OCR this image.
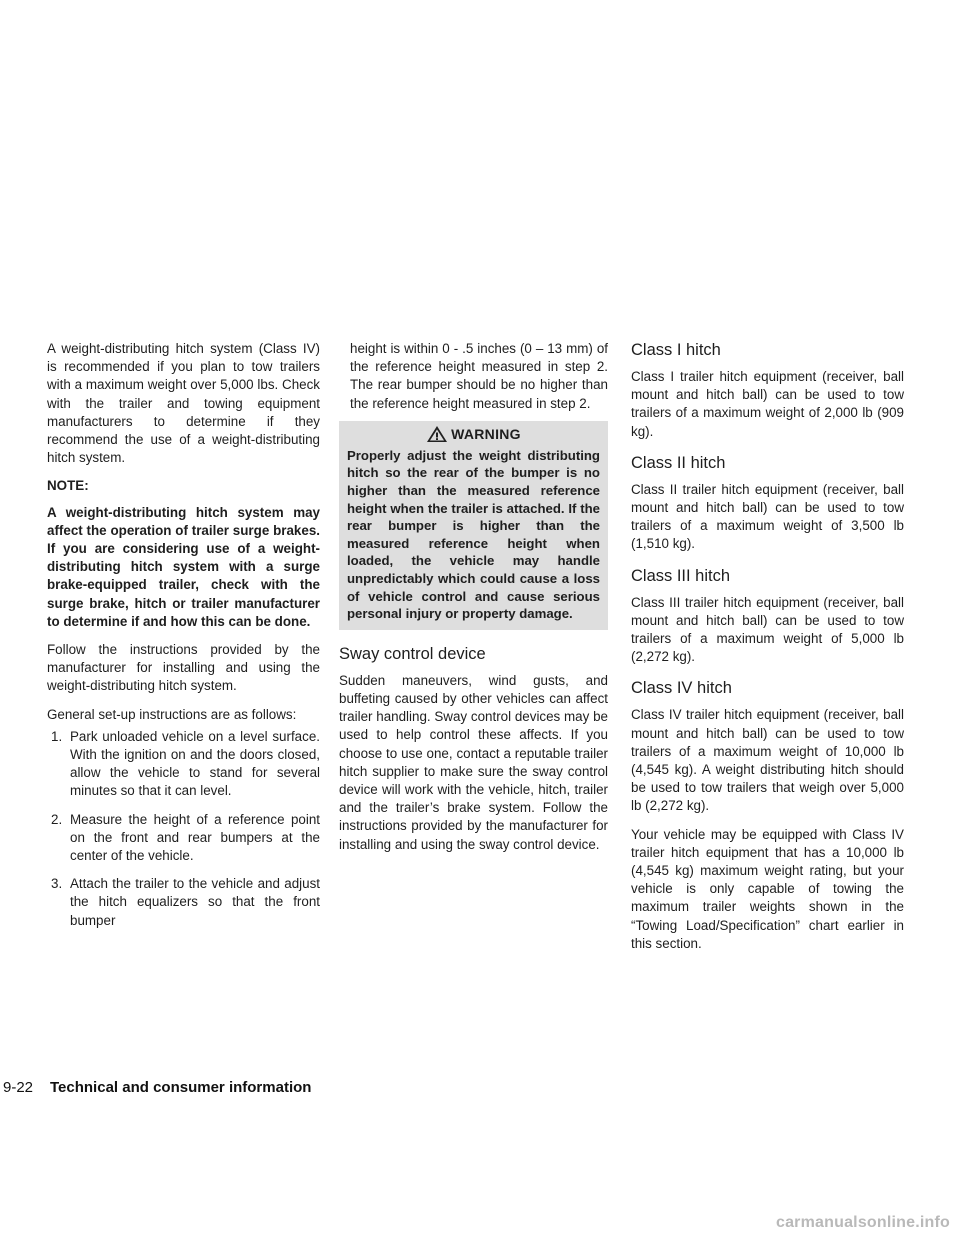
A weight-distributing hitch system (Class IV) is recommended if you plan to tow trailers with a maximum weight over 5,000 lbs. Check with the trailer and towing equipment manufacturers to determine if they recommend the use of a weight-distributing hitch system.

NOTE:

A weight-distributing hitch system may affect the operation of trailer surge brakes. If you are considering use of a weight-distributing hitch system with a surge brake-equipped trailer, check with the surge brake, hitch or trailer manufacturer to determine if and how this can be done.

Follow the instructions provided by the manufacturer for installing and using the weight-distributing hitch system.

General set-up instructions are as follows:

1. Park unloaded vehicle on a level surface. With the ignition on and the doors closed, allow the vehicle to stand for several minutes so that it can level.
2. Measure the height of a reference point on the front and rear bumpers at the center of the vehicle.
3. Attach the trailer to the vehicle and adjust the hitch equalizers so that the front bumper

height is within 0 - .5 inches (0 – 13 mm) of the reference height measured in step 2. The rear bumper should be no higher than the reference height measured in step 2.

WARNING

Properly adjust the weight distributing hitch so the rear of the bumper is no higher than the measured reference height when the trailer is attached. If the rear bumper is higher than the measured reference height when loaded, the vehicle may handle unpredictably which could cause a loss of vehicle control and cause serious personal injury or property damage.

Sway control device

Sudden maneuvers, wind gusts, and buffeting caused by other vehicles can affect trailer handling. Sway control devices may be used to help control these affects. If you choose to use one, contact a reputable trailer hitch supplier to make sure the sway control device will work with the vehicle, hitch, trailer and the trailer’s brake system. Follow the instructions provided by the manufacturer for installing and using the sway control device.

Class I hitch

Class I trailer hitch equipment (receiver, ball mount and hitch ball) can be used to tow trailers of a maximum weight of 2,000 lb (909 kg).

Class II hitch

Class II trailer hitch equipment (receiver, ball mount and hitch ball) can be used to tow trailers of a maximum weight of 3,500 lb (1,510 kg).

Class III hitch

Class III trailer hitch equipment (receiver, ball mount and hitch ball) can be used to tow trailers of a maximum weight of 5,000 lb (2,272 kg).

Class IV hitch

Class IV trailer hitch equipment (receiver, ball mount and hitch ball) can be used to tow trailers of a maximum weight of 10,000 lb (4,545 kg). A weight distributing hitch should be used to tow trailers that weigh over 5,000 lb (2,272 kg).

Your vehicle may be equipped with Class IV trailer hitch equipment that has a 10,000 lb (4,545 kg) maximum weight rating, but your vehicle is only capable of towing the maximum trailer weights shown in the “Towing Load/Specification” chart earlier in this section.

9-22 Technical and consumer information
carmanualsonline.info
